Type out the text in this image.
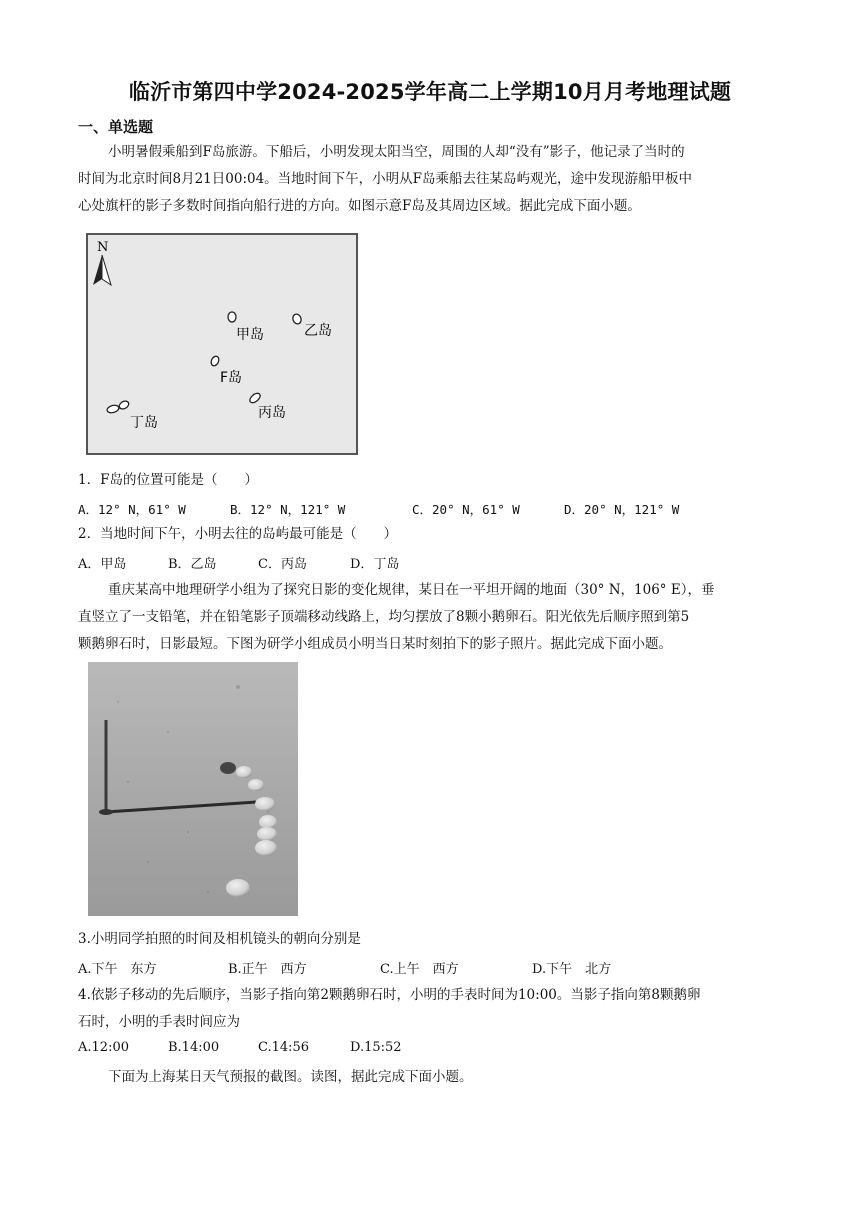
临沂市第四中学2024-2025学年高二上学期10月月考地理试题
一、单选题
小明暑假乘船到F岛旅游。下船后，小明发现太阳当空，周围的人却“没有”影子，他记录了当时的
时间为北京时间8月21日00:04。当地时间下午，小明从F岛乘船去往某岛屿观光，途中发现游船甲板中
心处旗杆的影子多数时间指向船行进的方向。如图示意F岛及其周边区域。据此完成下面小题。
N
甲岛	乙岛
F岛
丙岛
丁岛
1．F岛的位置可能是（　　）
A．12° N，61° W	B．12° N，121° W	C．20° N，61° W	D．20° N，121° W
2．当地时间下午，小明去往的岛屿最可能是（　　）
A．甲岛	B．乙岛	C．丙岛	D．丁岛
重庆某高中地理研学小组为了探究日影的变化规律，某日在一平坦开阔的地面（30° N，106° E），垂
直竖立了一支铅笔，并在铅笔影子顶端移动线路上，均匀摆放了8颗小鹅卵石。阳光依先后顺序照到第5
颗鹅卵石时，日影最短。下图为研学小组成员小明当日某时刻拍下的影子照片。据此完成下面小题。
3.小明同学拍照的时间及相机镜头的朝向分别是
A.下午　东方	B.正午　西方	C.上午　西方	D.下午　北方
4.依影子移动的先后顺序，当影子指向第2颗鹅卵石时，小明的手表时间为10:00。当影子指向第8颗鹅卵
石时，小明的手表时间应为
A.12:00	B.14:00	C.14:56	D.15:52
下面为上海某日天气预报的截图。读图，据此完成下面小题。
